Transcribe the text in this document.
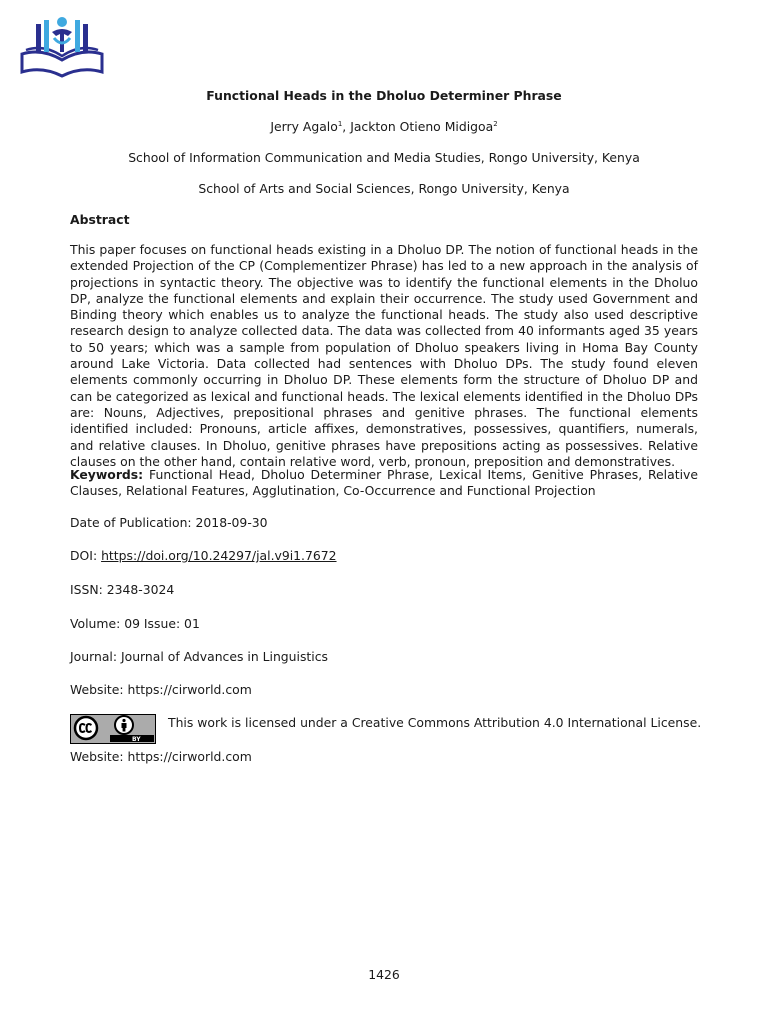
Functional Heads in the Dholuo Determiner Phrase
Jerry Agalo$^1$, Jackton Otieno Midigoa$^2$
School of Information Communication and Media Studies, Rongo University, Kenya
School of Arts and Social Sciences, Rongo University, Kenya
Abstract
This paper focuses on functional heads existing in a Dholuo DP. The notion of functional heads in the extended Projection of the CP (Complementizer Phrase) has led to a new approach in the analysis of projections in syntactic theory. The objective was to identify the functional elements in the Dholuo DP, analyze the functional elements and explain their occurrence. The study used Government and Binding theory which enables us to analyze the functional heads. The study also used descriptive research design to analyze collected data. The data was collected from 40 informants aged 35 years to 50 years; which was a sample from population of Dholuo speakers living in Homa Bay County around Lake Victoria. Data collected had sentences with Dholuo DPs. The study found eleven elements commonly occurring in Dholuo DP. These elements form the structure of Dholuo DP and can be categorized as lexical and functional heads. The lexical elements identified in the Dholuo DPs are: Nouns, Adjectives, prepositional phrases and genitive phrases. The functional elements identified included: Pronouns, article affixes, demonstratives, possessives, quantifiers, numerals, and relative clauses. In Dholuo, genitive phrases have prepositions acting as possessives. Relative clauses on the other hand, contain relative word, verb, pronoun, preposition and demonstratives.
Keywords: Functional Head, Dholuo Determiner Phrase, Lexical Items, Genitive Phrases, Relative Clauses, Relational Features, Agglutination, Co-Occurrence and Functional Projection
Date of Publication: 2018-09-30
DOI: https://doi.org/10.24297/jal.v9i1.7672
ISSN: 2348-3024
Volume: 09 Issue: 01
Journal: Journal of Advances in Linguistics
Website: https://cirworld.com
BY
This work is licensed under a Creative Commons Attribution 4.0 International License.
Website: https://cirworld.com
1426
